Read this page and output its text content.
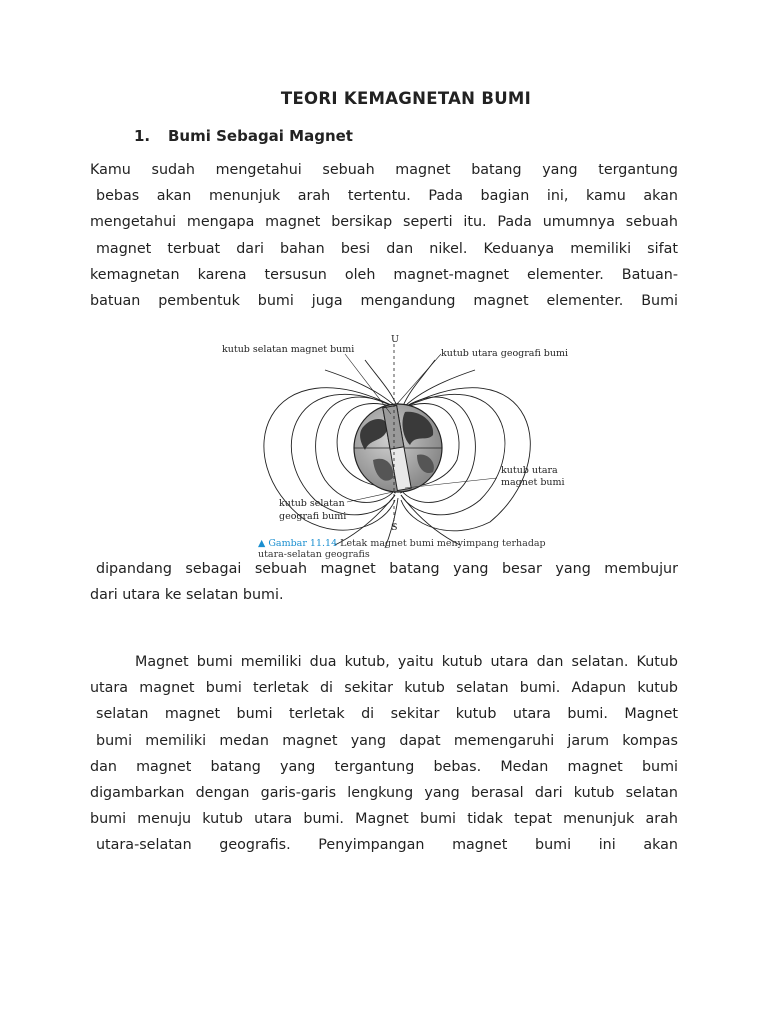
TEORI KEMAGNETAN BUMI
1. Bumi Sebagai Magnet
Kamu sudah mengetahui sebuah magnet batang yang tergantung
bebas akan menunjuk arah tertentu. Pada bagian ini, kamu akan
mengetahui mengapa magnet bersikap seperti itu. Pada umumnya sebuah
magnet terbuat dari bahan besi dan nikel. Keduanya memiliki sifat
kemagnetan karena tersusun oleh magnet-magnet elementer. Batuan-
batuan pembentuk bumi juga mengandung magnet elementer. Bumi
U
S
kutub selatan magnet bumi	kutub utara geografi bumi
kutub utara
magnet bumi
kutub selatan
geografi bumi
▲ Gambar 11.14 Letak magnet bumi menyimpang terhadap
utara-selatan geografis
dipandang sebagai sebuah magnet batang yang besar yang membujur
dari utara ke selatan bumi.
Magnet bumi memiliki dua kutub, yaitu kutub utara dan selatan. Kutub
utara magnet bumi terletak di sekitar kutub selatan bumi. Adapun kutub
selatan magnet bumi terletak di sekitar kutub utara bumi. Magnet
bumi memiliki medan magnet yang dapat memengaruhi jarum kompas
dan magnet batang yang tergantung bebas. Medan magnet bumi
digambarkan dengan garis-garis lengkung yang berasal dari kutub selatan
bumi menuju kutub utara bumi. Magnet bumi tidak tepat menunjuk arah
utara-selatan geografis. Penyimpangan magnet bumi ini akan
